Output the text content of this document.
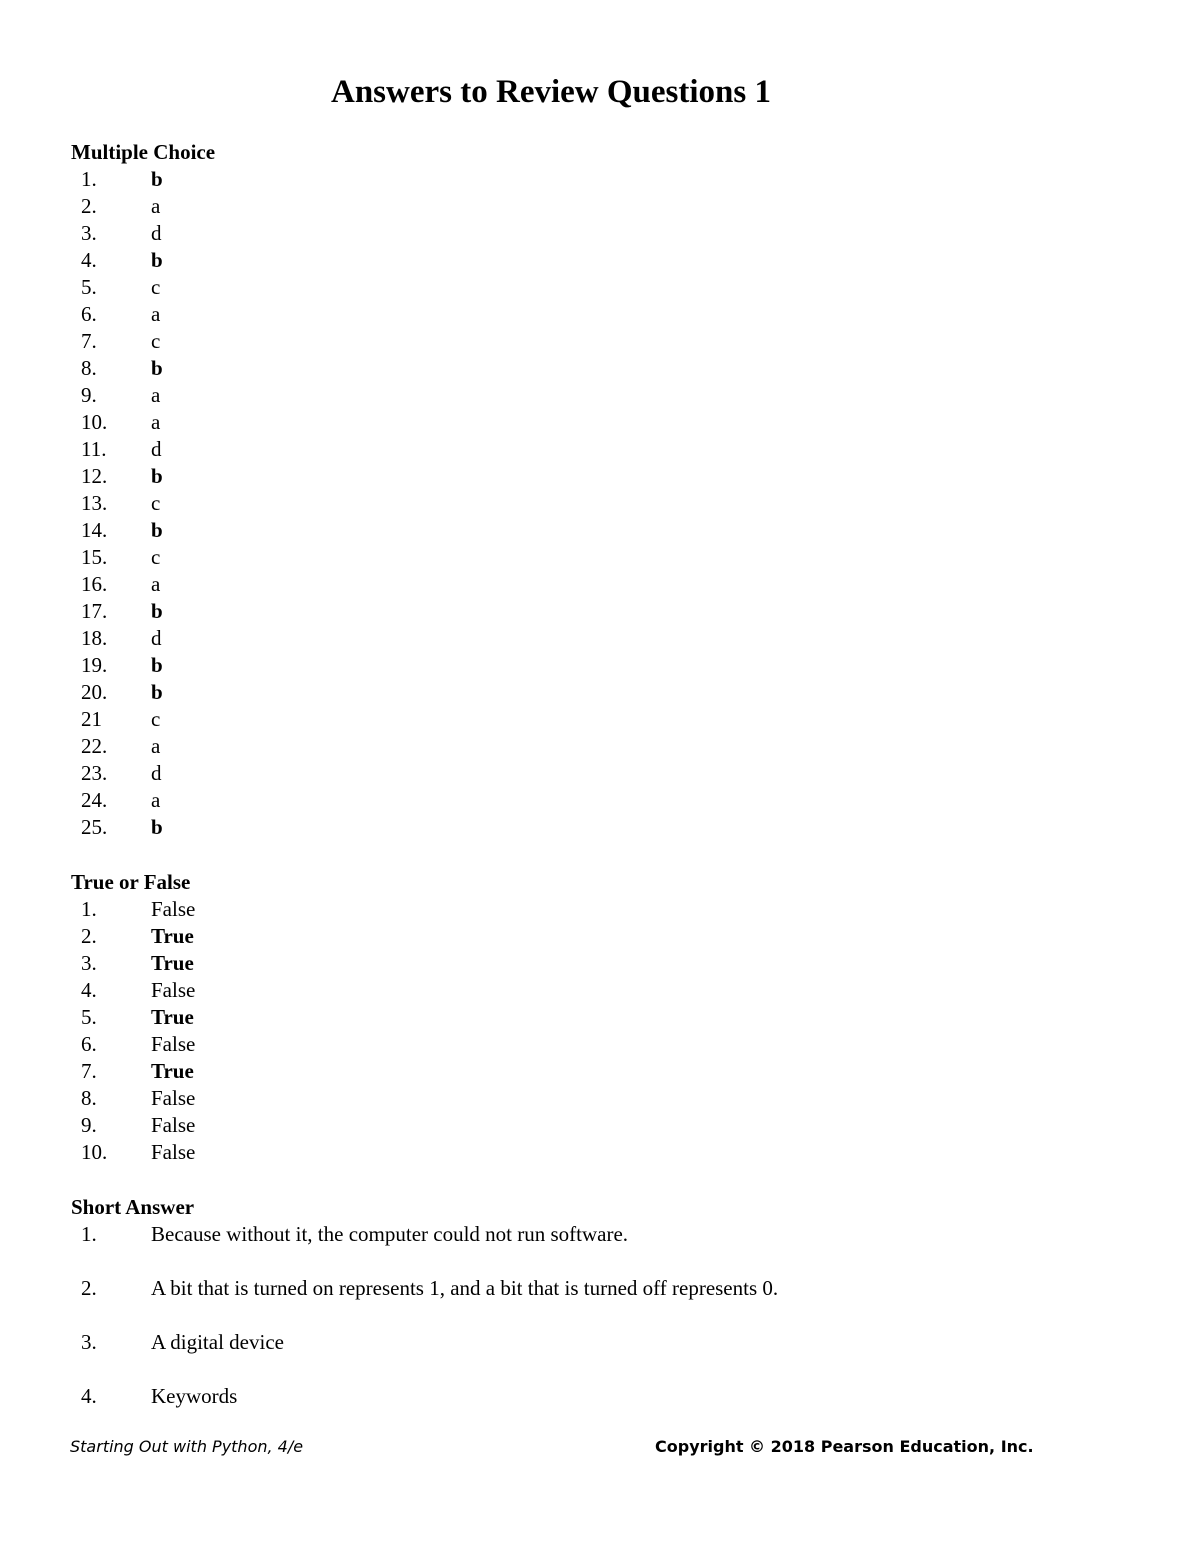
Answers to Review Questions 1
Multiple Choice
1.	b
2.	a
3.	d
4.	b
5.	c
6.	a
7.	c
8.	b
9.	a
10. a
11. d
12. b
13. c
14. b
15. c
16. a
17. b
18. d
19. b
20. b
21 c
22. a
23. d
24. a
25. b
True or False
1.	False
2.	True
3.	True
4.	False
5.	True
6.	False
7.	True
8.	False
9.	False
10. False
Short Answer
1.	Because without it, the computer could not run software.
2.	A bit that is turned on represents 1, and a bit that is turned off represents 0.
3.	A digital device
4.	Keywords
Starting Out with Python, 4/e	Copyright © 2018 Pearson Education, Inc.
